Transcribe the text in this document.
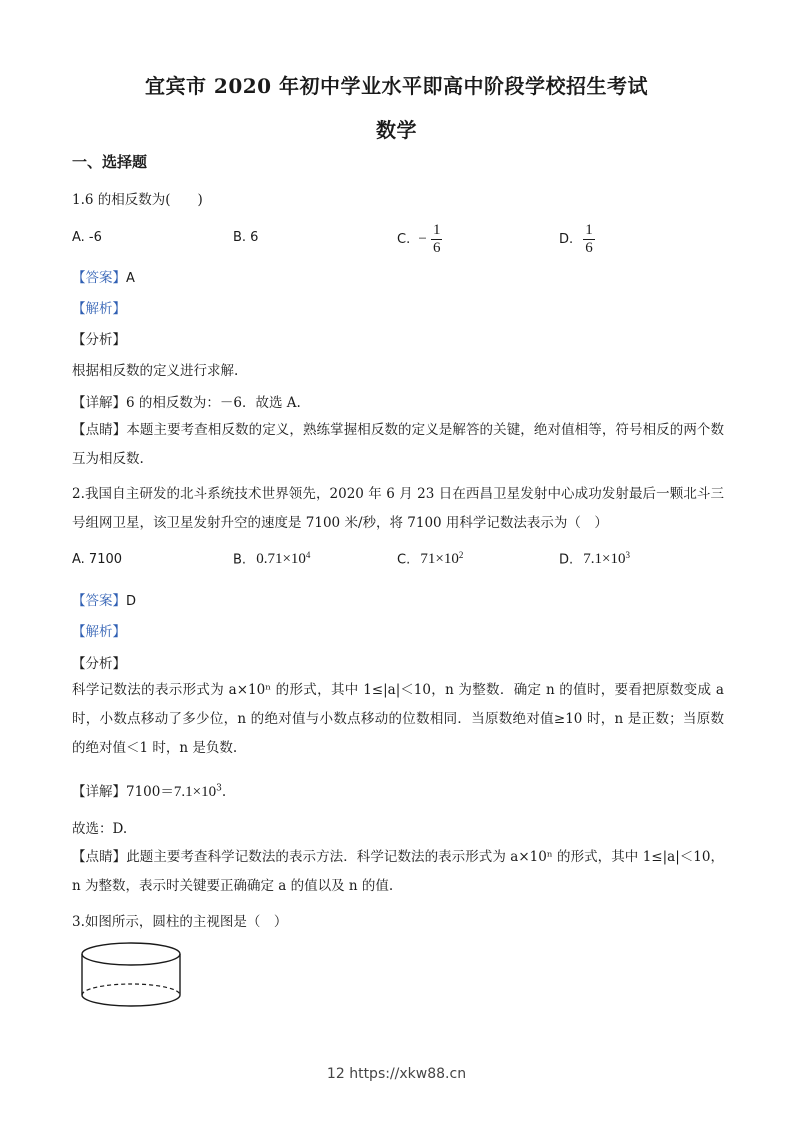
宜宾市 2020 年初中学业水平即高中阶段学校招生考试
数学
一、选择题
1.6 的相反数为(　　)
A. -6	B. 6	C. − $\frac{1}{6}$	D. $\frac{1}{6}$
【答案】A
【解析】
【分析】
根据相反数的定义进行求解.
【详解】6 的相反数为：－6．故选 A.
【点睛】本题主要考查相反数的定义，熟练掌握相反数的定义是解答的关键，绝对值相等，符号相反的两个数互为相反数.
2.我国自主研发的北斗系统技术世界领先，2020 年 6 月 23 日在西昌卫星发射中心成功发射最后一颗北斗三号组网卫星，该卫星发射升空的速度是 7100 米/秒，将 7100 用科学记数法表示为（　）
A. 7100	B. $0.71\times 10^4$	C. $71\times 10^2$	D. $7.1\times 10^3$
【答案】D
【解析】
【分析】
科学记数法的表示形式为 a×10ⁿ 的形式，其中 1≤|a|＜10，n 为整数．确定 n 的值时，要看把原数变成 a 时，小数点移动了多少位，n 的绝对值与小数点移动的位数相同．当原数绝对值≥10 时，n 是正数；当原数的绝对值＜1 时，n 是负数.
【详解】$7100=7.1\times 10^3$.
故选：D.
【点睛】此题主要考查科学记数法的表示方法．科学记数法的表示形式为 a×10ⁿ 的形式，其中 1≤|a|＜10，n 为整数，表示时关键要正确确定 a 的值以及 n 的值.
3.如图所示，圆柱的主视图是（　）
12 https://xkw88.cn
